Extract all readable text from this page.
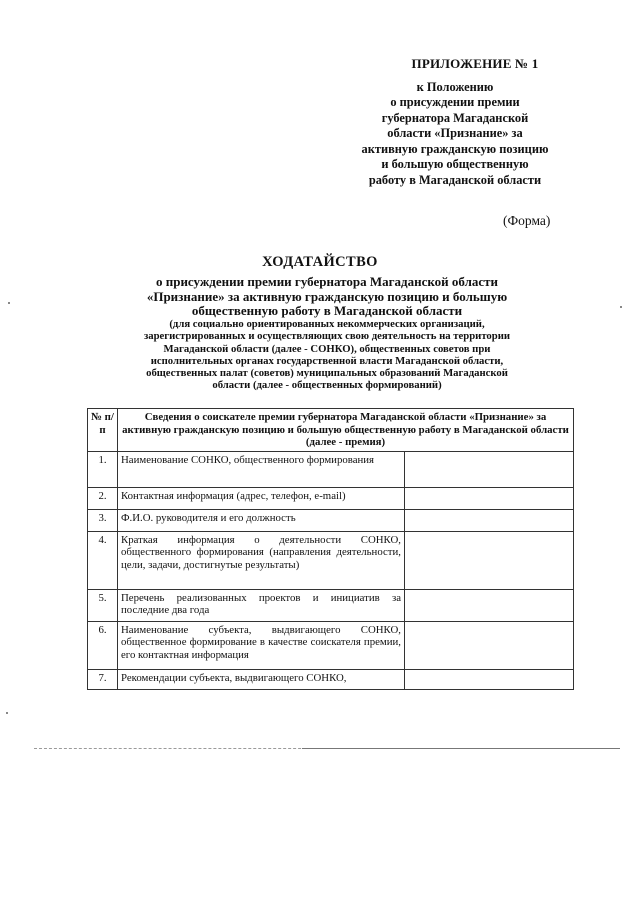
ПРИЛОЖЕНИЕ № 1
к Положению
о присуждении премии
губернатора Магаданской
области «Признание» за
активную гражданскую позицию
и большую общественную
работу в Магаданской области
(Форма)
ХОДАТАЙСТВО
о присуждении премии губернатора Магаданской области
«Признание» за активную гражданскую позицию и большую
общественную работу в Магаданской области
(для социально ориентированных некоммерческих организаций,
зарегистрированных и осуществляющих свою деятельность на территории
Магаданской области (далее - СОНКО), общественных советов при
исполнительных органах государственной власти Магаданской области,
общественных палат (советов) муниципальных образований Магаданской
области (далее - общественных формирований)
№ п/п	Сведения о соискателе премии губернатора Магаданской области «Признание» за активную гражданскую позицию и большую общественную работу в Магаданской области (далее - премия)	
1.	Наименование СОНКО, общественного формирования	
2.	Контактная информация (адрес, телефон, e-mail)	
3.	Ф.И.О. руководителя и его должность	
4.	Краткая информация о деятельности СОНКО, общественного формирования (направления деятельности, цели, задачи, достигнутые результаты)	
5.	Перечень реализованных проектов и инициатив за последние два года	
6.	Наименование субъекта, выдвигающего СОНКО, общественное формирование в качестве соискателя премии, его контактная информация	
7.	Рекомендации субъекта, выдвигающего СОНКО,	
